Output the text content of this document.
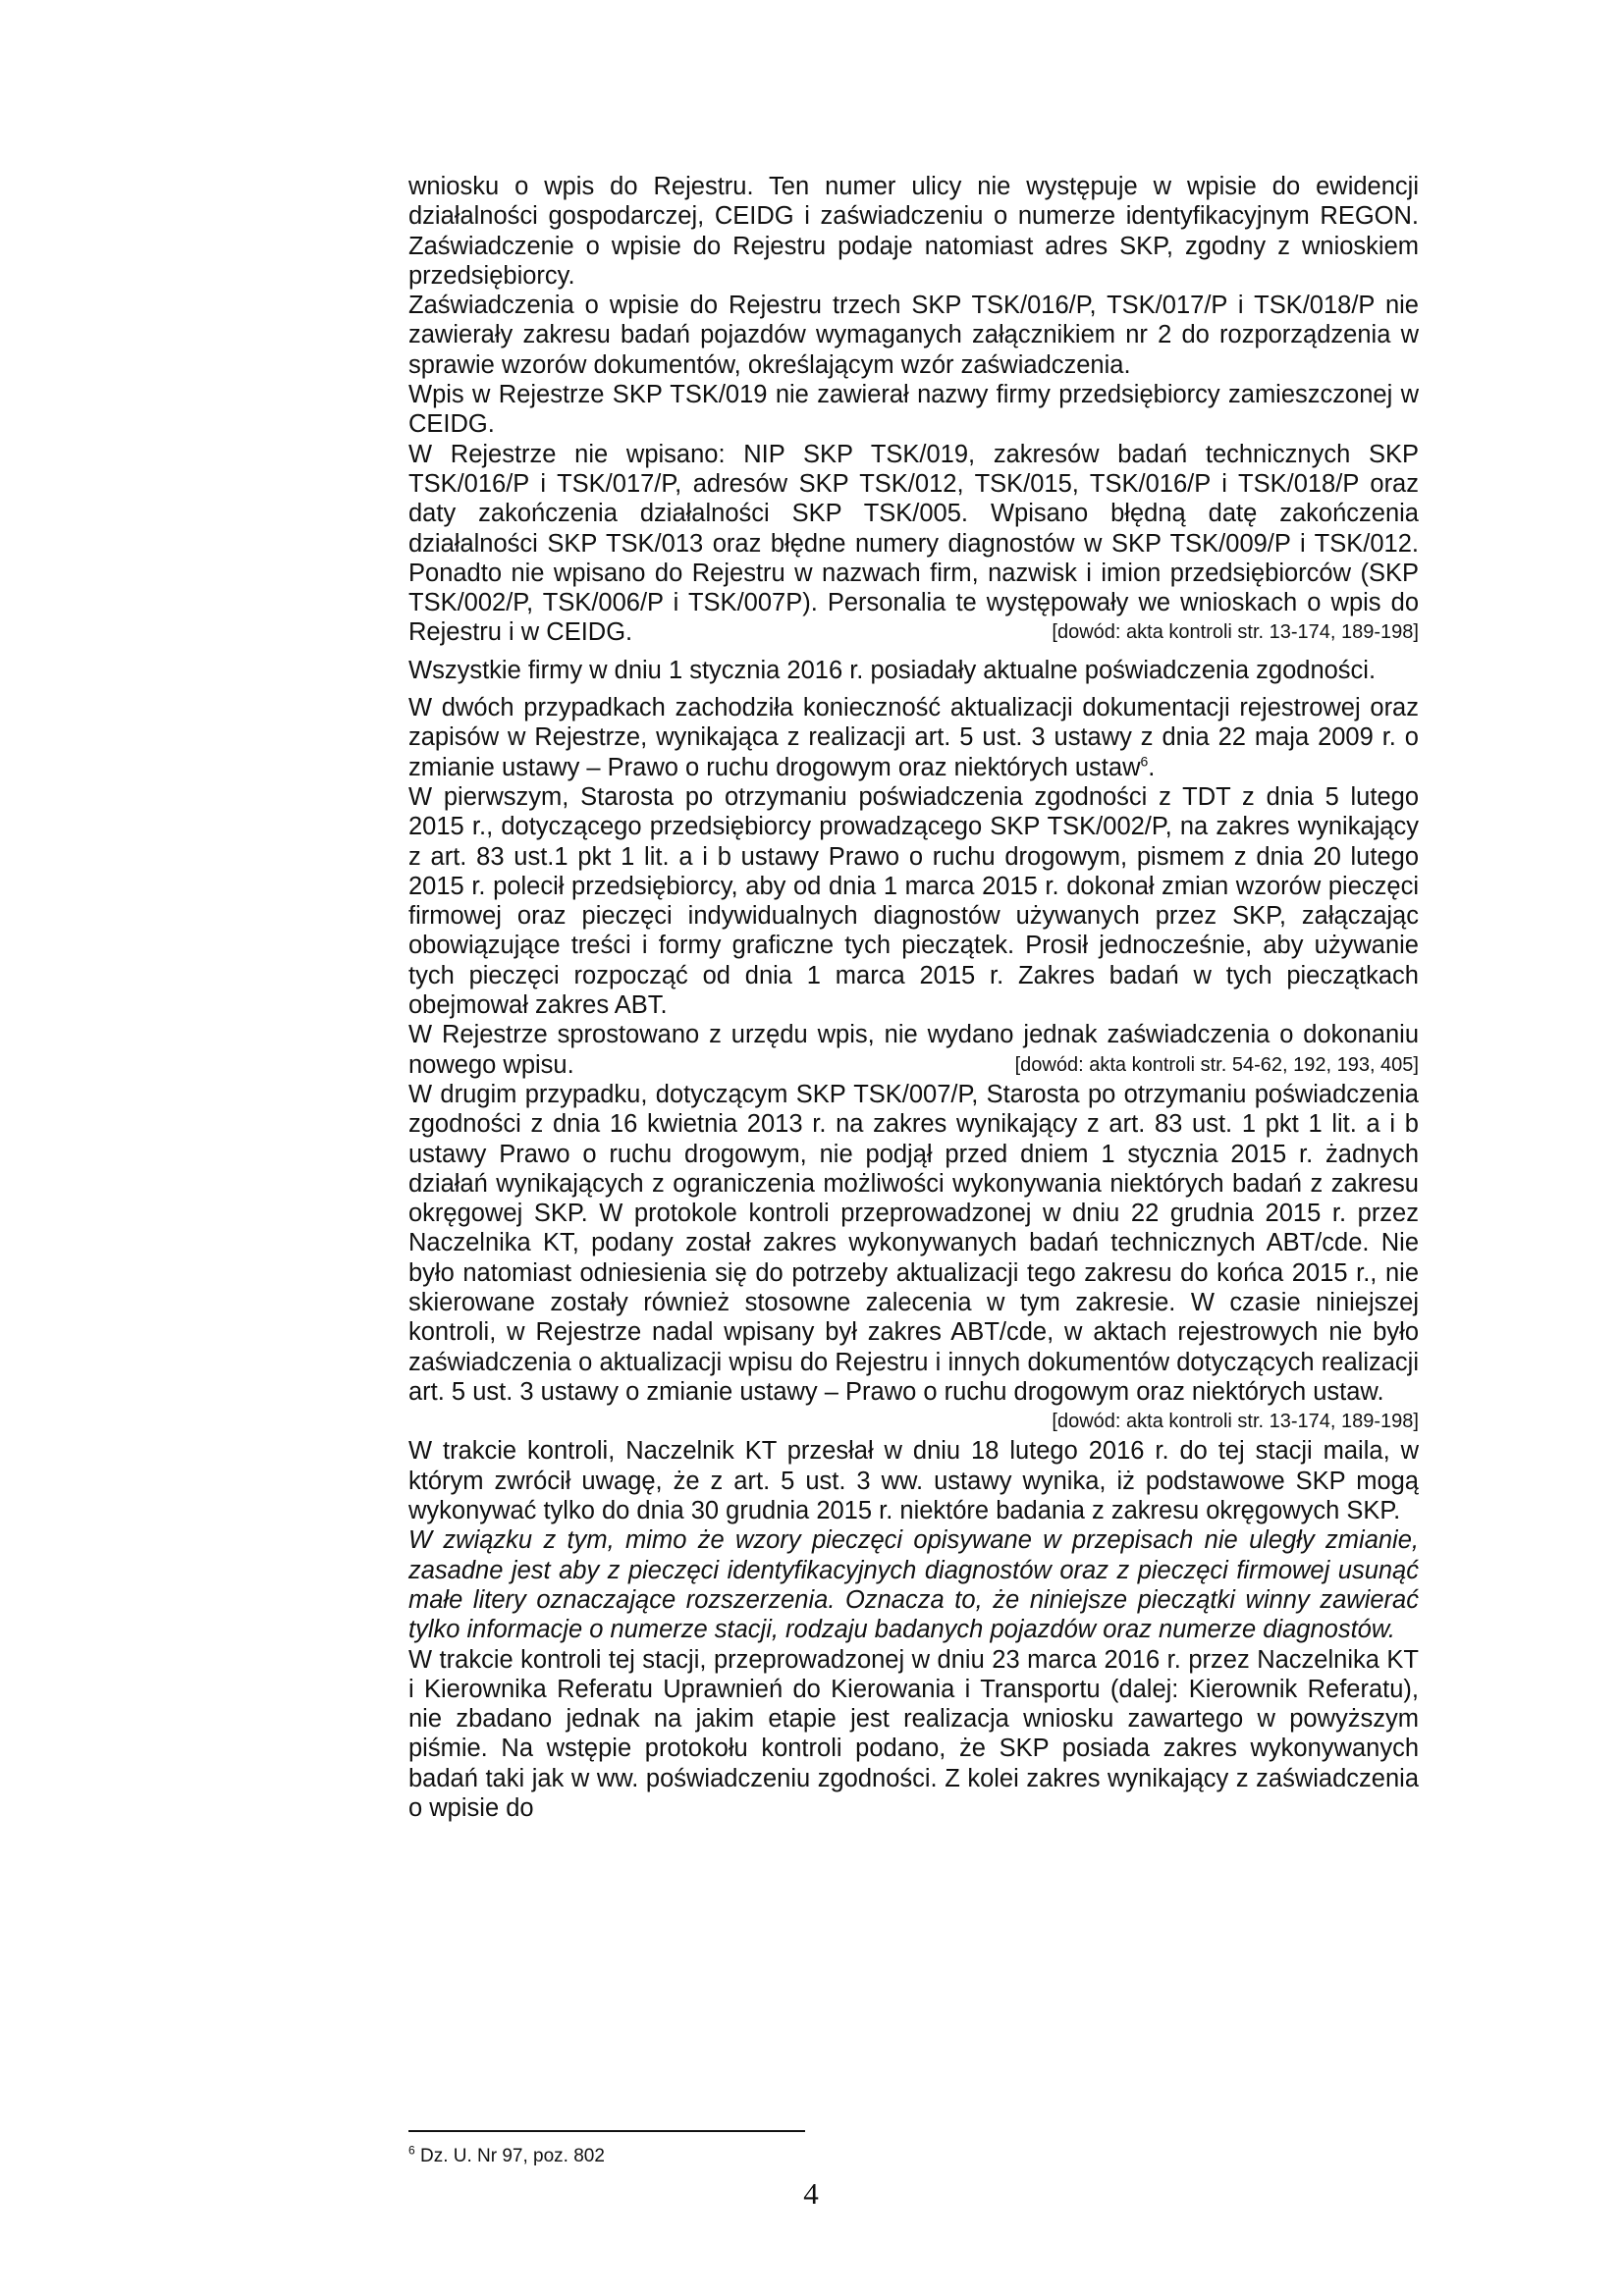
wniosku o wpis do Rejestru. Ten numer ulicy nie występuje w wpisie do ewidencji działalności gospodarczej, CEIDG i zaświadczeniu o numerze identyfikacyjnym REGON. Zaświadczenie o wpisie do Rejestru podaje natomiast adres SKP, zgodny z wnioskiem przedsiębiorcy.

Zaświadczenia o wpisie do Rejestru trzech SKP TSK/016/P, TSK/017/P i TSK/018/P nie zawierały zakresu badań pojazdów wymaganych załącznikiem nr 2 do rozporządzenia w sprawie wzorów dokumentów, określającym wzór zaświadczenia.

Wpis w Rejestrze SKP TSK/019 nie zawierał nazwy firmy przedsiębiorcy zamieszczonej w CEIDG.

W Rejestrze nie wpisano: NIP SKP TSK/019, zakresów badań technicznych SKP TSK/016/P i TSK/017/P, adresów SKP TSK/012, TSK/015, TSK/016/P i TSK/018/P oraz daty zakończenia działalności SKP TSK/005. Wpisano błędną datę zakończenia działalności SKP TSK/013 oraz błędne numery diagnostów w SKP TSK/009/P i TSK/012. Ponadto nie wpisano do Rejestru w nazwach firm, nazwisk i imion przedsiębiorców (SKP TSK/002/P, TSK/006/P i TSK/007P). Personalia te występowały we wnioskach o wpis do Rejestru i w CEIDG.	[dowód: akta kontroli str. 13-174, 189-198]

Wszystkie firmy w dniu 1 stycznia 2016 r. posiadały aktualne poświadczenia zgodności.

W dwóch przypadkach zachodziła konieczność aktualizacji dokumentacji rejestrowej oraz zapisów w Rejestrze, wynikająca z realizacji art. 5 ust. 3 ustawy z dnia 22 maja 2009 r. o zmianie ustawy – Prawo o ruchu drogowym oraz niektórych ustaw$^6$.

W pierwszym, Starosta po otrzymaniu poświadczenia zgodności z TDT z dnia 5 lutego 2015 r., dotyczącego przedsiębiorcy prowadzącego SKP TSK/002/P, na zakres wynikający z art. 83 ust.1 pkt 1 lit. a i b ustawy Prawo o ruchu drogowym, pismem z dnia 20 lutego 2015 r. polecił przedsiębiorcy, aby od dnia 1 marca 2015 r. dokonał zmian wzorów pieczęci firmowej oraz pieczęci indywidualnych diagnostów używanych przez SKP, załączając obowiązujące treści i formy graficzne tych pieczątek. Prosił jednocześnie, aby używanie tych pieczęci rozpocząć od dnia 1 marca 2015 r. Zakres badań w tych pieczątkach obejmował zakres ABT.

W Rejestrze sprostowano z urzędu wpis, nie wydano jednak zaświadczenia o dokonaniu nowego wpisu.	[dowód: akta kontroli str. 54-62, 192, 193, 405]

W drugim przypadku, dotyczącym SKP TSK/007/P, Starosta po otrzymaniu poświadczenia zgodności z dnia 16 kwietnia 2013 r. na zakres wynikający z art. 83 ust. 1 pkt 1 lit. a i b ustawy Prawo o ruchu drogowym, nie podjął przed dniem 1 stycznia 2015 r. żadnych działań wynikających z ograniczenia możliwości wykonywania niektórych badań z zakresu okręgowej SKP. W protokole kontroli przeprowadzonej w dniu 22 grudnia 2015 r. przez Naczelnika KT, podany został zakres wykonywanych badań technicznych ABT/cde. Nie było natomiast odniesienia się do potrzeby aktualizacji tego zakresu do końca 2015 r., nie skierowane zostały również stosowne zalecenia w tym zakresie. W czasie niniejszej kontroli, w Rejestrze nadal wpisany był zakres ABT/cde, w aktach rejestrowych nie było zaświadczenia o aktualizacji wpisu do Rejestru i innych dokumentów dotyczących realizacji art. 5 ust. 3 ustawy o zmianie ustawy – Prawo o ruchu drogowym oraz niektórych ustaw.

[dowód: akta kontroli str. 13-174, 189-198]

W trakcie kontroli, Naczelnik KT przesłał w dniu 18 lutego 2016 r. do tej stacji maila, w którym zwrócił uwagę, że z art. 5 ust. 3 ww. ustawy wynika, iż podstawowe SKP mogą wykonywać tylko do dnia 30 grudnia 2015 r. niektóre badania z zakresu okręgowych SKP.

W związku z tym, mimo że wzory pieczęci opisywane w przepisach nie uległy zmianie, zasadne jest aby z pieczęci identyfikacyjnych diagnostów oraz z pieczęci firmowej usunąć małe litery oznaczające rozszerzenia. Oznacza to, że niniejsze pieczątki winny zawierać tylko informacje o numerze stacji, rodzaju badanych pojazdów oraz numerze diagnostów.

W trakcie kontroli tej stacji, przeprowadzonej w dniu 23 marca 2016 r. przez Naczelnika KT i Kierownika Referatu Uprawnień do Kierowania i Transportu (dalej: Kierownik Referatu), nie zbadano jednak na jakim etapie jest realizacja wniosku zawartego w powyższym piśmie. Na wstępie protokołu kontroli podano, że SKP posiada zakres wykonywanych badań taki jak w ww. poświadczeniu zgodności. Z kolei zakres wynikający z zaświadczenia o wpisie do

$^6$ Dz. U. Nr 97, poz. 802
4
